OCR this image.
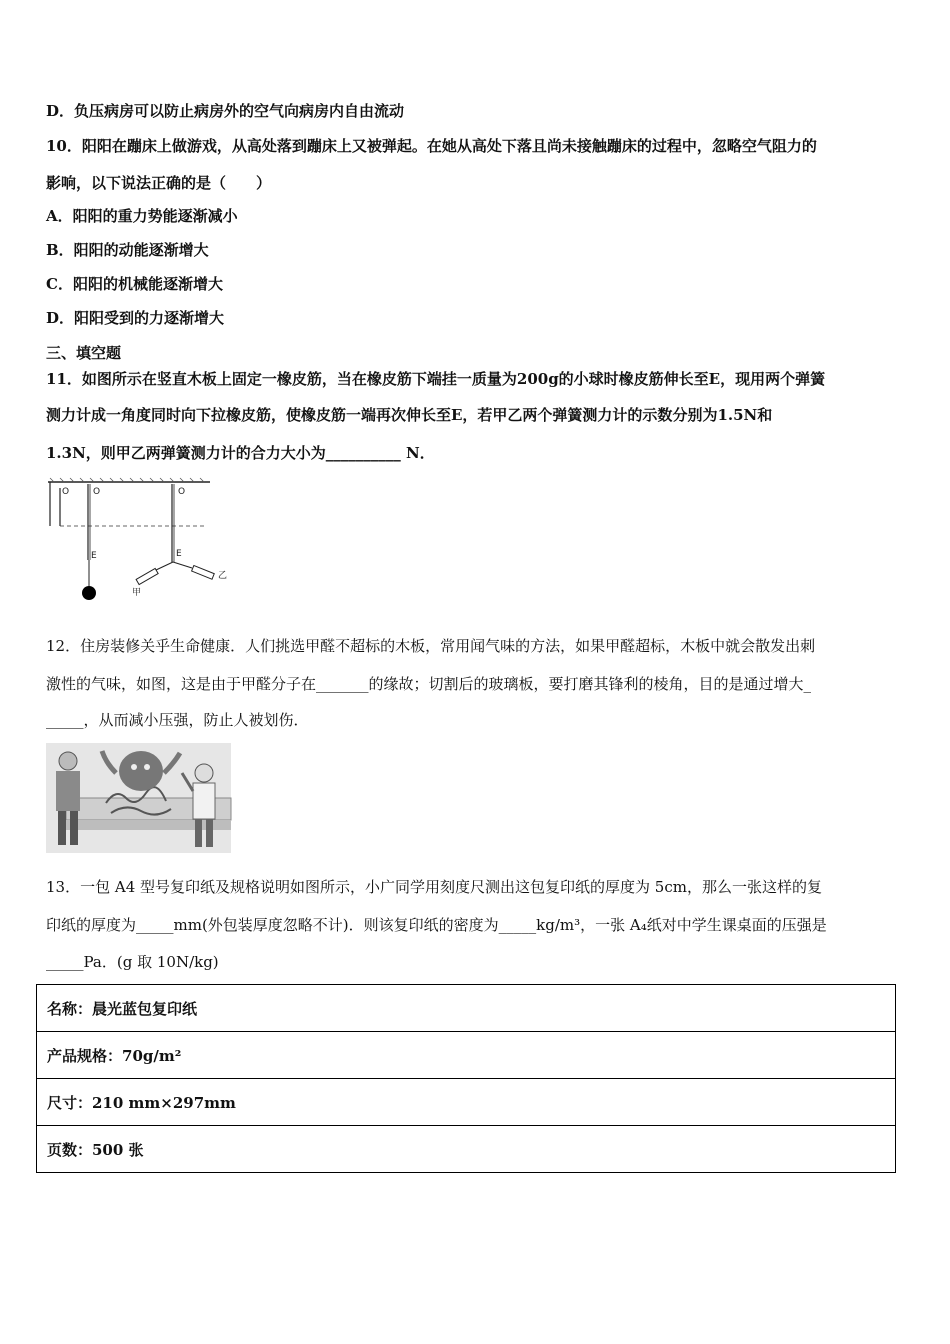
D．负压病房可以防止病房外的空气向病房内自由流动
10．阳阳在蹦床上做游戏，从高处落到蹦床上又被弹起。在她从高处下落且尚未接触蹦床的过程中，忽略空气阻力的
影响，以下说法正确的是（　　）
A．阳阳的重力势能逐渐减小
B．阳阳的动能逐渐增大
C．阳阳的机械能逐渐增大
D．阳阳受到的力逐渐增大
三、填空题
11．如图所示在竖直木板上固定一橡皮筋，当在橡皮筋下端挂一质量为200g的小球时橡皮筋伸长至E，现用两个弹簧
测力计成一角度同时向下拉橡皮筋，使橡皮筋一端再次伸长至E，若甲乙两个弹簧测力计的示数分别为1.5N和
1.3N，则甲乙两弹簧测力计的合力大小为__________ N．
O	O
E
O
E
甲
乙
12．住房装修关乎生命健康．人们挑选甲醛不超标的木板，常用闻气味的方法，如果甲醛超标，木板中就会散发出刺
激性的气味，如图，这是由于甲醛分子在_______的缘故；切割后的玻璃板，要打磨其锋利的棱角，目的是通过增大_
_____，从而减小压强，防止人被划伤．
13．一包 A4 型号复印纸及规格说明如图所示，小广同学用刻度尺测出这包复印纸的厚度为 5cm，那么一张这样的复
印纸的厚度为_____mm(外包装厚度忽略不计)．则该复印纸的密度为_____kg/m³，一张 A₄纸对中学生课桌面的压强是
_____Pa．(g 取 10N/kg)
名称：晨光蓝包复印纸
产品规格：70g/m²
尺寸：210 mm×297mm
页数：500 张
